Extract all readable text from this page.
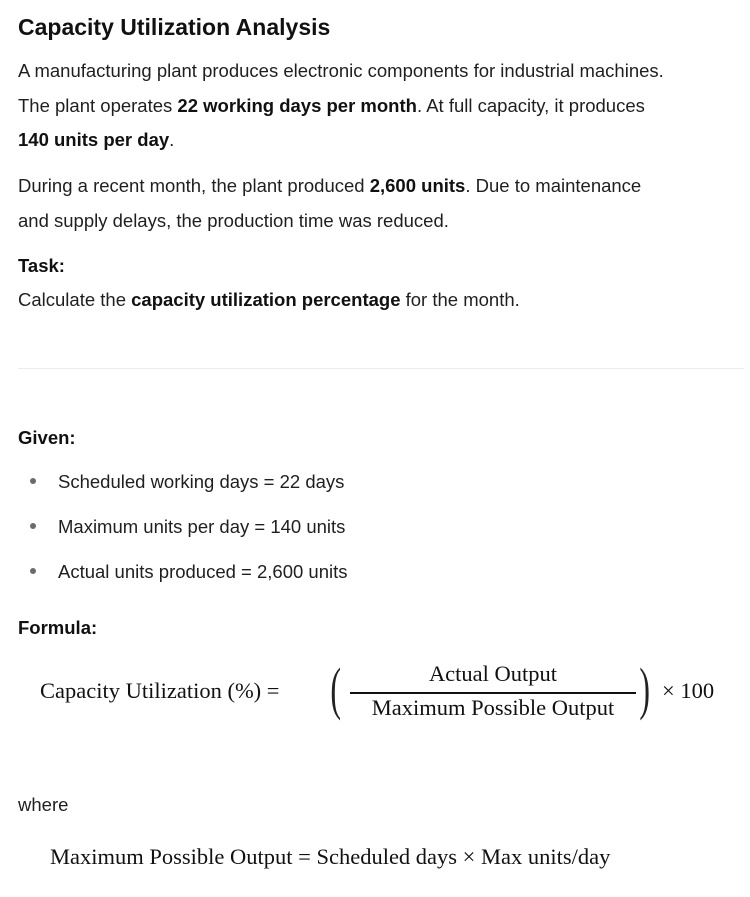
Capacity Utilization Analysis
A manufacturing plant produces electronic components for industrial machines.
The plant operates 22 working days per month. At full capacity, it produces
140 units per day.
During a recent month, the plant produced 2,600 units. Due to maintenance
and supply delays, the production time was reduced.
Task:
Calculate the capacity utilization percentage for the month.
Given:
Scheduled working days = 22 days
Maximum units per day = 140 units
Actual units produced = 2,600 units
Formula:
Capacity Utilization (%) = (	Actual Output
Maximum Possible Output ) × 100
where
Maximum Possible Output = Scheduled days × Max units/day
